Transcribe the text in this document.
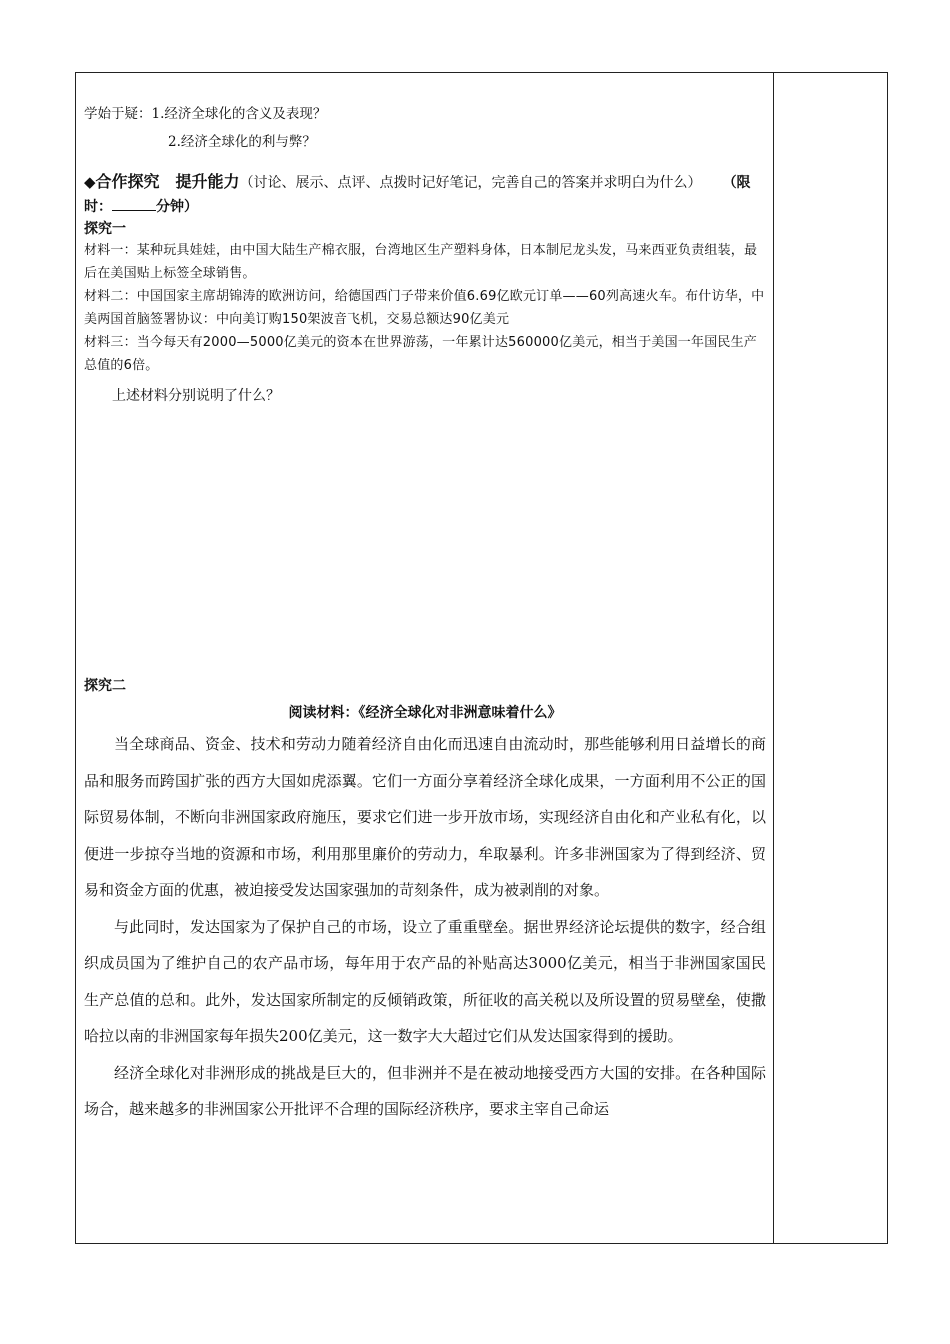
学始于疑：1.经济全球化的含义及表现？
2.经济全球化的利与弊？
◆合作探究　提升能力（讨论、展示、点评、点拨时记好笔记，完善自己的答案并求明白为什么） （限时：	分钟）
探究一
材料一：某种玩具娃娃，由中国大陆生产棉衣服，台湾地区生产塑料身体，日本制尼龙头发，马来西亚负责组装，最后在美国贴上标签全球销售。
材料二：中国国家主席胡锦涛的欧洲访问，给德国西门子带来价值6.69亿欧元订单——60列高速火车。布什访华，中美两国首脑签署协议：中向美订购150架波音飞机，交易总额达90亿美元
材料三：当今每天有2000—5000亿美元的资本在世界游荡，一年累计达560000亿美元，相当于美国一年国民生产总值的6倍。
上述材料分别说明了什么？
探究二
阅读材料：《经济全球化对非洲意味着什么》

当全球商品、资金、技术和劳动力随着经济自由化而迅速自由流动时，那些能够利用日益增长的商品和服务而跨国扩张的西方大国如虎添翼。它们一方面分享着经济全球化成果，一方面利用不公正的国际贸易体制，不断向非洲国家政府施压，要求它们进一步开放市场，实现经济自由化和产业私有化，以便进一步掠夺当地的资源和市场，利用那里廉价的劳动力，牟取暴利。许多非洲国家为了得到经济、贸易和资金方面的优惠，被迫接受发达国家强加的苛刻条件，成为被剥削的对象。

与此同时，发达国家为了保护自己的市场，设立了重重壁垒。据世界经济论坛提供的数字，经合组织成员国为了维护自己的农产品市场，每年用于农产品的补贴高达3000亿美元，相当于非洲国家国民生产总值的总和。此外，发达国家所制定的反倾销政策，所征收的高关税以及所设置的贸易壁垒，使撒哈拉以南的非洲国家每年损失200亿美元，这一数字大大超过它们从发达国家得到的援助。

经济全球化对非洲形成的挑战是巨大的，但非洲并不是在被动地接受西方大国的安排。在各种国际场合，越来越多的非洲国家公开批评不合理的国际经济秩序，要求主宰自己命运
